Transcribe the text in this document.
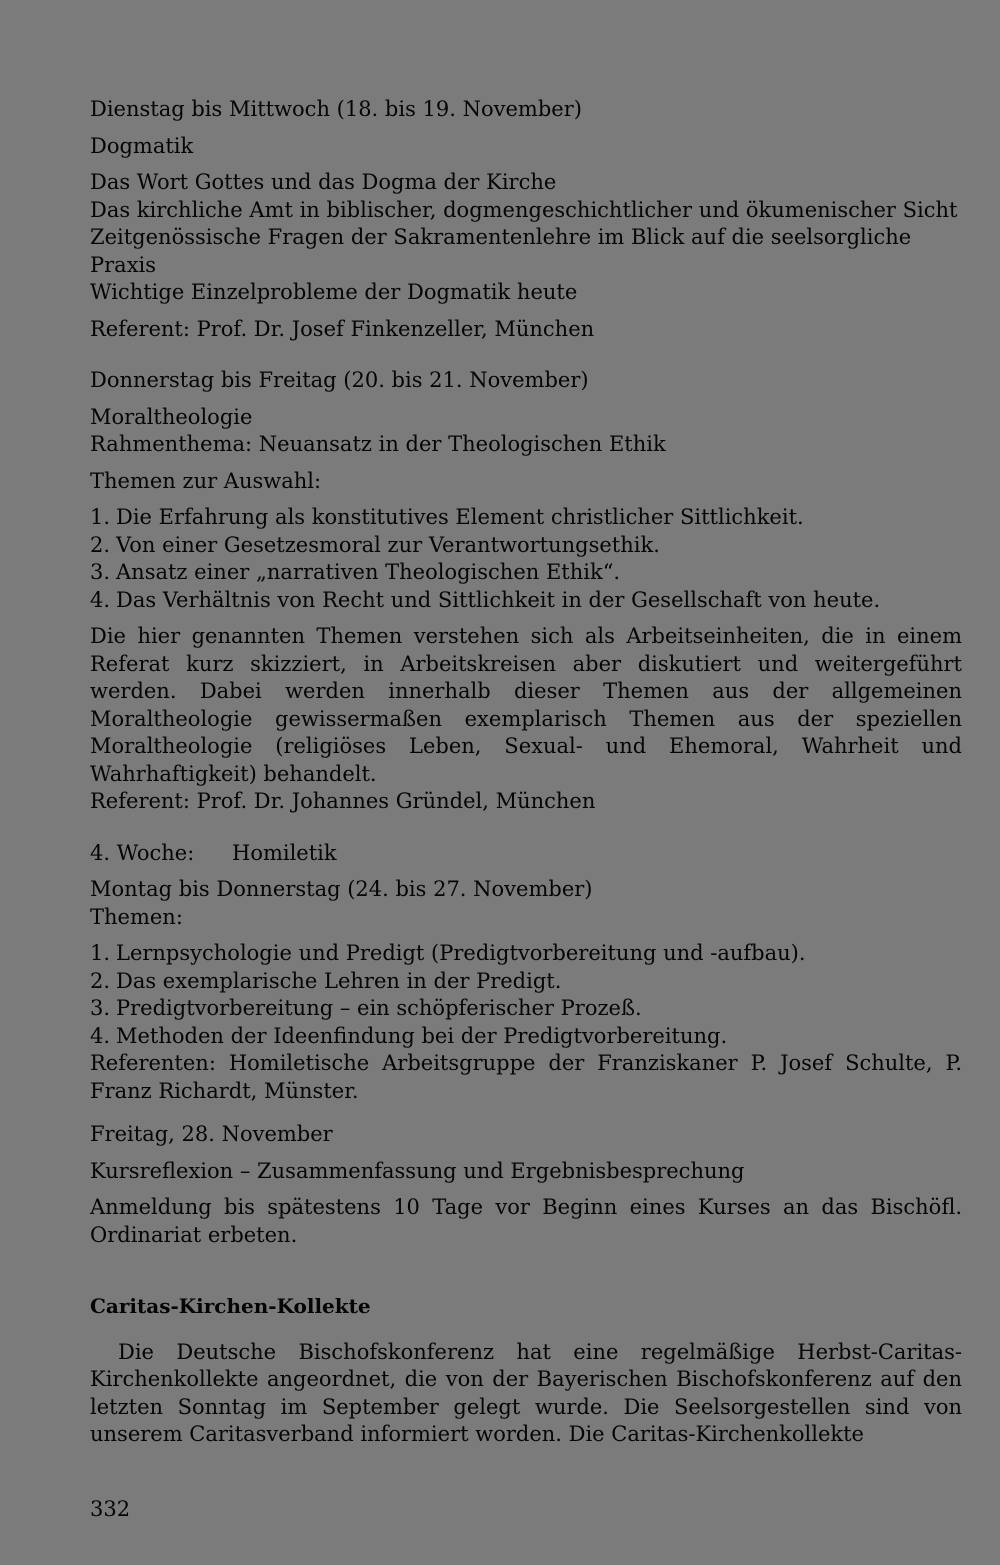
Dienstag bis Mittwoch (18. bis 19. November)

Dogmatik

Das Wort Gottes und das Dogma der Kirche

Das kirchliche Amt in biblischer, dogmengeschichtlicher und ökumenischer Sicht

Zeitgenössische Fragen der Sakramentenlehre im Blick auf die seelsorgliche Praxis

Wichtige Einzelprobleme der Dogmatik heute

Referent: Prof. Dr. Josef Finkenzeller, München

Donnerstag bis Freitag (20. bis 21. November)

Moraltheologie

Rahmenthema: Neuansatz in der Theologischen Ethik

Themen zur Auswahl:

1. Die Erfahrung als konstitutives Element christlicher Sittlichkeit.

2. Von einer Gesetzesmoral zur Verantwortungsethik.

3. Ansatz einer „narrativen Theologischen Ethik“.

4. Das Verhältnis von Recht und Sittlichkeit in der Gesellschaft von heute.

Die hier genannten Themen verstehen sich als Arbeitseinheiten, die in einem Referat kurz skizziert, in Arbeitskreisen aber diskutiert und weitergeführt werden. Dabei werden innerhalb dieser Themen aus der allgemeinen Moraltheologie gewissermaßen exemplarisch Themen aus der speziellen Moraltheologie (religiöses Leben, Sexual- und Ehemoral, Wahrheit und Wahrhaftigkeit) behandelt.

Referent: Prof. Dr. Johannes Gründel, München

4. Woche: Homiletik

Montag bis Donnerstag (24. bis 27. November)

Themen:

1. Lernpsychologie und Predigt (Predigtvorbereitung und -aufbau).

2. Das exemplarische Lehren in der Predigt.

3. Predigtvorbereitung – ein schöpferischer Prozeß.

4. Methoden der Ideenfindung bei der Predigtvorbereitung.

Referenten: Homiletische Arbeitsgruppe der Franziskaner P. Josef Schulte, P. Franz Richardt, Münster.

Freitag, 28. November

Kursreflexion – Zusammenfassung und Ergebnisbesprechung

Anmeldung bis spätestens 10 Tage vor Beginn eines Kurses an das Bischöfl. Ordinariat erbeten.

Caritas-Kirchen-Kollekte

Die Deutsche Bischofskonferenz hat eine regelmäßige Herbst-Caritas-Kirchenkollekte angeordnet, die von der Bayerischen Bischofskonferenz auf den letzten Sonntag im September gelegt wurde. Die Seelsorgestellen sind von unserem Caritasverband informiert worden. Die Caritas-Kirchenkollekte

332
